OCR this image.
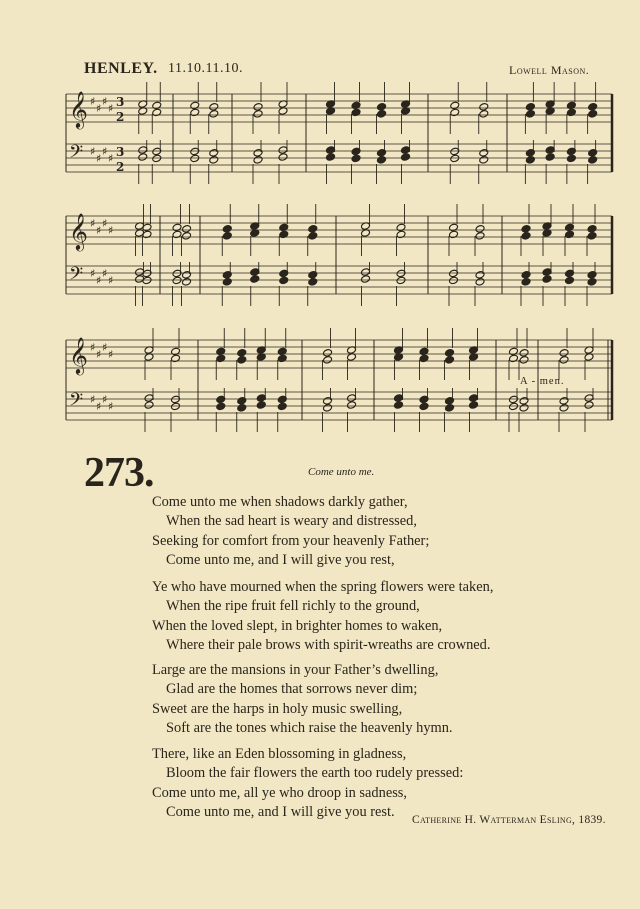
HENLEY. 11.10.11.10.	Lowell Mason.
𝄞 ♯
♯
♯
♯ 3
2
𝄢 ♯
♯
♯
♯ 3
2
𝄞 ♯
♯
♯
♯
𝄢 ♯
♯
♯
♯
𝄞 ♯
♯
♯
♯
𝄢 ♯
♯
♯
♯
A - men.
273.	Come unto me.
Come unto me when shadows darkly gather,
When the sad heart is weary and distressed,
Seeking for comfort from your heavenly Father;
Come unto me, and I will give you rest,
Ye who have mourned when the spring flowers were taken,
When the ripe fruit fell richly to the ground,
When the loved slept, in brighter homes to waken,
Where their pale brows with spirit-wreaths are crowned.
Large are the mansions in your Father’s dwelling,
Glad are the homes that sorrows never dim;
Sweet are the harps in holy music swelling,
Soft are the tones which raise the heavenly hymn.
There, like an Eden blossoming in gladness,
Bloom the fair flowers the earth too rudely pressed:
Come unto me, all ye who droop in sadness,
Come unto me, and I will give you rest.	Catherine H. Watterman Esling, 1839.
